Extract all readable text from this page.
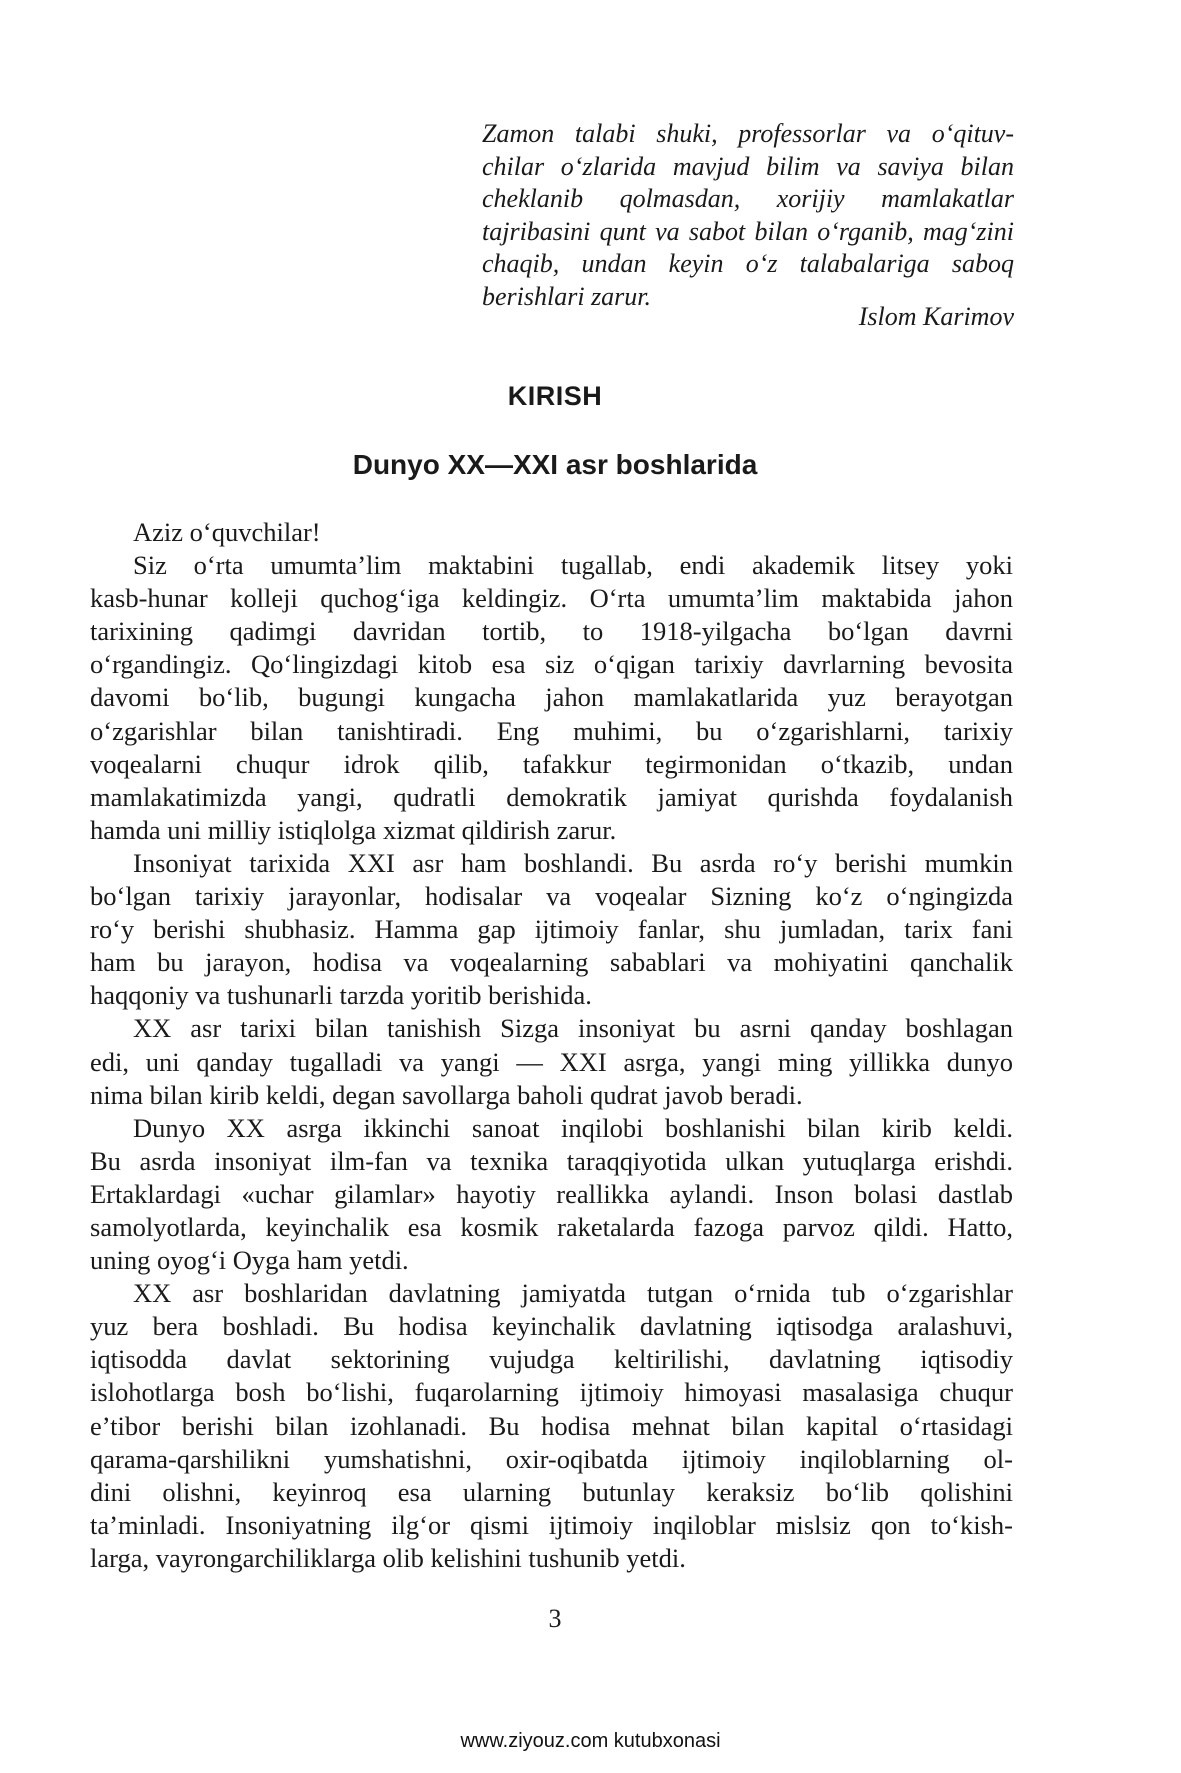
Zamon talabi shuki, professorlar va o‘qituv-
chilar o‘zlarida mavjud bilim va saviya bilan
cheklanib qolmasdan, xorijiy mamlakatlar
tajribasini qunt va sabot bilan o‘rganib, mag‘zini
chaqib, undan keyin o‘z talabalariga saboq
berishlari zarur.
Islom Karimov
KIRISH
Dunyo XX—XXI asr boshlarida

Aziz o‘quvchilar!

Siz o‘rta umumta’lim maktabini tugallab, endi akademik litsey yoki
kasb-hunar kolleji quchog‘iga keldingiz. O‘rta umumta’lim maktabida jahon
tarixining qadimgi davridan tortib, to 1918-yilgacha bo‘lgan davrni
o‘rgandingiz. Qo‘lingizdagi kitob esa siz o‘qigan tarixiy davrlarning bevosita
davomi bo‘lib, bugungi kungacha jahon mamlakatlarida yuz berayotgan
o‘zgarishlar bilan tanishtiradi. Eng muhimi, bu o‘zgarishlarni, tarixiy
voqealarni chuqur idrok qilib, tafakkur tegirmonidan o‘tkazib, undan
mamlakatimizda yangi, qudratli demokratik jamiyat qurishda foydalanish
hamda uni milliy istiqlolga xizmat qildirish zarur.

Insoniyat tarixida XXI asr ham boshlandi. Bu asrda ro‘y berishi mumkin
bo‘lgan tarixiy jarayonlar, hodisalar va voqealar Sizning ko‘z o‘ngingizda
ro‘y berishi shubhasiz. Hamma gap ijtimoiy fanlar, shu jumladan, tarix fani
ham bu jarayon, hodisa va voqealarning sabablari va mohiyatini qanchalik
haqqoniy va tushunarli tarzda yoritib berishida.

XX asr tarixi bilan tanishish Sizga insoniyat bu asrni qanday boshlagan
edi, uni qanday tugalladi va yangi — XXI asrga, yangi ming yillikka dunyo
nima bilan kirib keldi, degan savollarga baholi qudrat javob beradi.

Dunyo XX asrga ikkinchi sanoat inqilobi boshlanishi bilan kirib keldi.
Bu asrda insoniyat ilm-fan va texnika taraqqiyotida ulkan yutuqlarga erishdi.
Ertaklardagi «uchar gilamlar» hayotiy reallikka aylandi. Inson bolasi dastlab
samolyotlarda, keyinchalik esa kosmik raketalarda fazoga parvoz qildi. Hatto,
uning oyog‘i Oyga ham yetdi.

XX asr boshlaridan davlatning jamiyatda tutgan o‘rnida tub o‘zgarishlar
yuz bera boshladi. Bu hodisa keyinchalik davlatning iqtisodga aralashuvi,
iqtisodda davlat sektorining vujudga keltirilishi, davlatning iqtisodiy
islohotlarga bosh bo‘lishi, fuqarolarning ijtimoiy himoyasi masalasiga chuqur
e’tibor berishi bilan izohlanadi. Bu hodisa mehnat bilan kapital o‘rtasidagi
qarama-qarshilikni yumshatishni, oxir-oqibatda ijtimoiy inqiloblarning ol-
dini olishni, keyinroq esa ularning butunlay keraksiz bo‘lib qolishini
ta’minladi. Insoniyatning ilg‘or qismi ijtimoiy inqiloblar mislsiz qon to‘kish-
larga, vayrongarchiliklarga olib kelishini tushunib yetdi.

3
www.ziyouz.com kutubxonasi
